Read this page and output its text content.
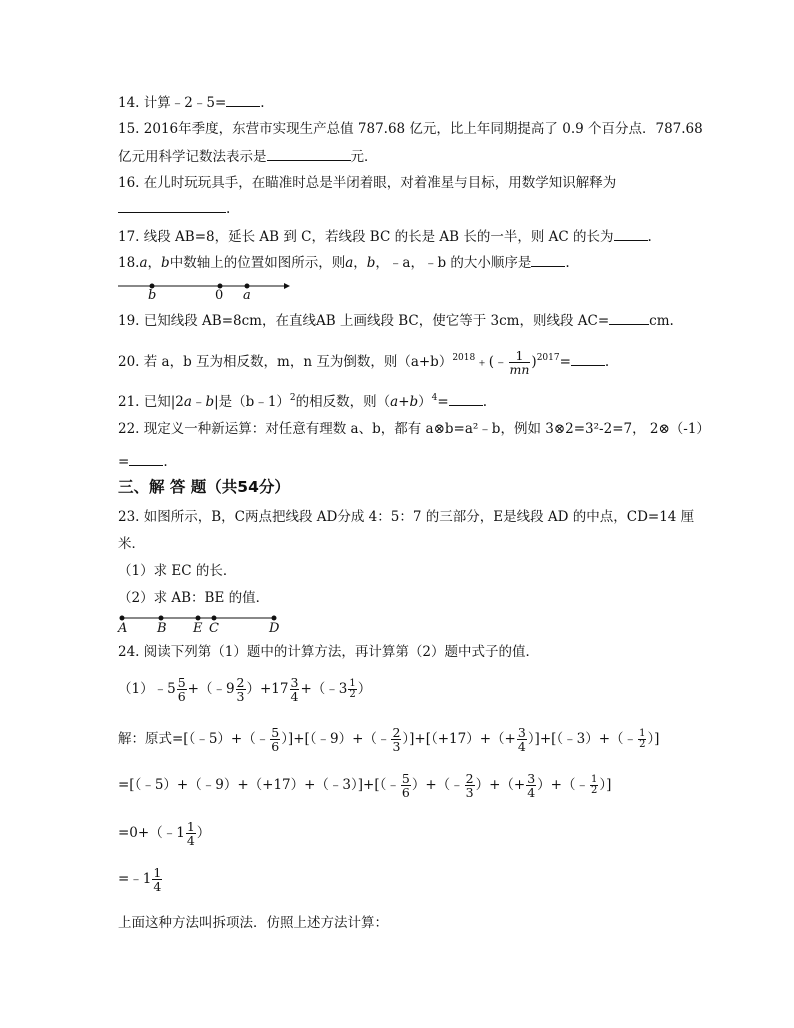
14. 计算﹣2﹣5=	.
15. 2016年季度，东营市实现生产总值 787.68 亿元，比上年同期提高了 0.9 个百分点．787.68
亿元用科学记数法表示是	元．
16. 在儿时玩玩具手，在瞄准时总是半闭着眼，对着准星与目标，用数学知识解释为
.
17. 线段 AB=8，延长 AB 到 C，若线段 BC 的长是 AB 长的一半，则 AC 的长为	.
18.a，b中数轴上的位置如图所示，则a，b，﹣a，﹣b 的大小顺序是	.
b	0 a
19. 已知线段 AB=8cm，在直线AB 上画线段 BC，使它等于 3cm，则线段 AC=	cm.
20. 若 a，b 互为相反数，m，n 互为倒数，则$(a+b)^{2018}﹢(﹣ \frac{1}{mn} )^{2017}=$	.
21. 已知|2a﹣b|是（b﹣1）$^2$的相反数，则$(a+b)^4=$	.
22. 现定义一种新运算：对任意有理数 a、b，都有 a⊗b=a²﹣b，例如 3⊗2=3²-2=7， 2⊗（-1）
=	.
三、解 答 题（共54分）
23. 如图所示，B，C两点把线段 AD分成 4：5：7 的三部分，E是线段 AD 的中点，CD=14 厘
米．
（1）求 EC 的长．
（2）求 AB：BE 的值．
A B E C	D
24. 阅读下列第（1）题中的计算方法，再计算第（2）题中式子的值．
（1）﹣5 $\frac{5}{6}$ +（﹣9 $\frac{2}{3} )+17 \frac{3}{4}$ +（﹣3 $\frac{1}{2}$ ）
解：原式=[（﹣5）+（﹣ $\frac{5}{6}$ ）]+[（﹣9）+（﹣ $\frac{2}{3} )]+[(+17)+(+ \frac{3}{4}$ ）]+[（﹣3）+（﹣ $\frac{1}{2}$ ）]
=[（﹣5）+（﹣9）+（+17）+（﹣3）]+[（﹣ $\frac{5}{6}$ ）+（﹣ $\frac{2}{3}$ ）+（+ $\frac{3}{4}$ ）+（﹣ $\frac{1}{2}$ ）]
=0+（﹣1 $\frac{1}{4}$ ）
=﹣1 $\frac{1}{4}$
上面这种方法叫拆项法．仿照上述方法计算：
